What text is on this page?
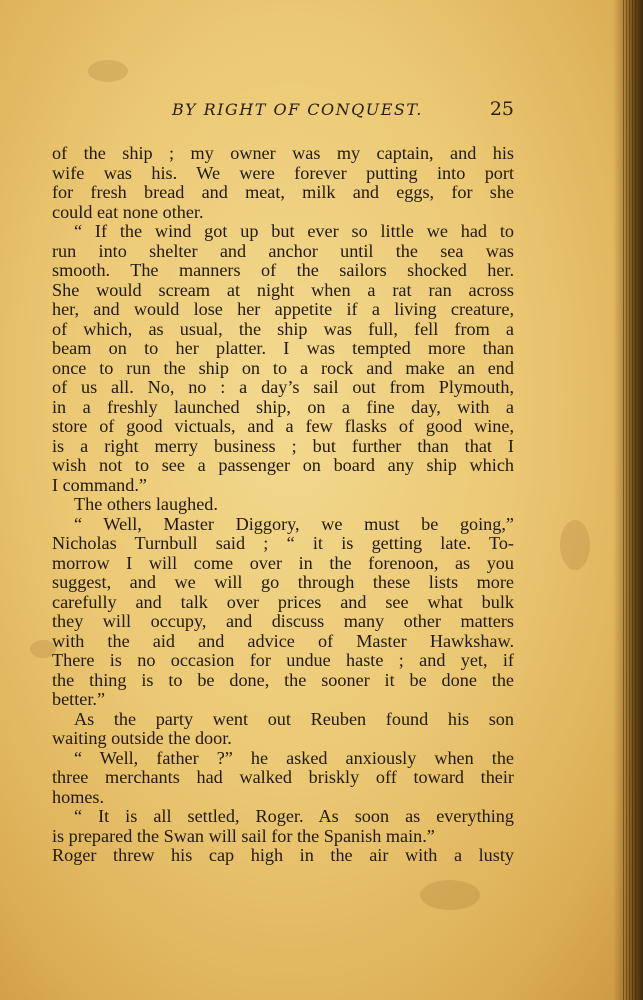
BY RIGHT OF CONQUEST.	25
of the ship ; my owner was my captain, and his
wife was his. We were forever putting into port
for fresh bread and meat, milk and eggs, for she
could eat none other.
“ If the wind got up but ever so little we had to
run into shelter and anchor until the sea was
smooth. The manners of the sailors shocked her.
She would scream at night when a rat ran across
her, and would lose her appetite if a living creature,
of which, as usual, the ship was full, fell from a
beam on to her platter. I was tempted more than
once to run the ship on to a rock and make an end
of us all. No, no : a day’s sail out from Plymouth,
in a freshly launched ship, on a fine day, with a
store of good victuals, and a few flasks of good wine,
is a right merry business ; but further than that I
wish not to see a passenger on board any ship which
I command.”
The others laughed.
“ Well, Master Diggory, we must be going,”
Nicholas Turnbull said ; “ it is getting late. To-
morrow I will come over in the forenoon, as you
suggest, and we will go through these lists more
carefully and talk over prices and see what bulk
they will occupy, and discuss many other matters
with the aid and advice of Master Hawkshaw.
There is no occasion for undue haste ; and yet, if
the thing is to be done, the sooner it be done the
better.”
As the party went out Reuben found his son
waiting outside the door.
“ Well, father ?” he asked anxiously when the
three merchants had walked briskly off toward their
homes.
“ It is all settled, Roger. As soon as everything
is prepared the Swan will sail for the Spanish main.”
Roger threw his cap high in the air with a lusty
